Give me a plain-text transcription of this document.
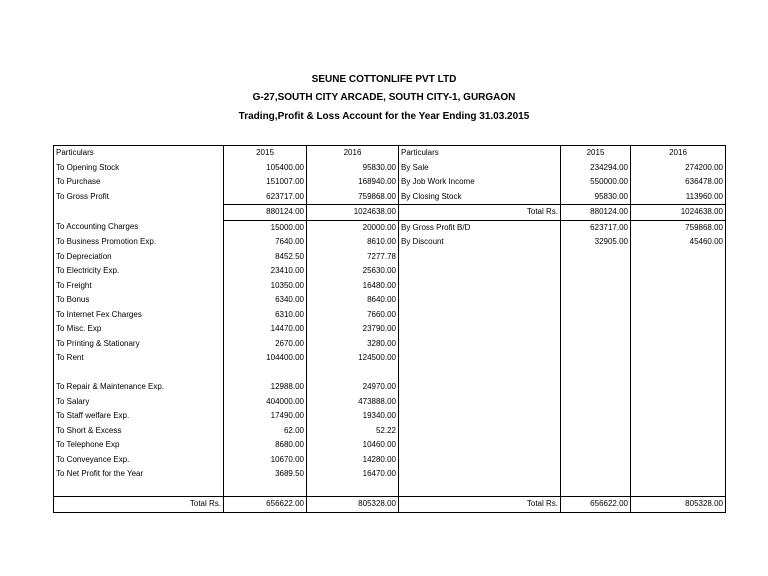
SEUNE COTTONLIFE PVT LTD
G-27,SOUTH CITY ARCADE, SOUTH CITY-1, GURGAON
Trading,Profit & Loss Account for the Year Ending 31.03.2015
Particulars	2015	2016	Particulars	2015	2016
To Opening Stock	105400.00	95830.00	By Sale	234294.00	274200.00
To Purchase	151007.00	168940.00	By Job Work Income	550000.00	636478.00
To Gross Profit	623717.00	759868.00	By Closing Stock	95830.00	113960.00
	880124.00	1024638.00	Total Rs.	880124.00	1024638.00
To Accounting Charges	15000.00	20000.00	By Gross Profit B/D	623717.00	759868.00
To Business Promotion Exp.	7640.00	8610.00	By Discount	32905.00	45460.00
To Depreciation	8452.50	7277.78			
To Electricity Exp.	23410.00	25630.00			
To Freight	10350.00	16480.00			
To Bonus	6340.00	8640.00			
To Internet Fex Charges	6310.00	7660.00			
To Misc. Exp	14470.00	23790.00			
To Printing & Stationary	2670.00	3280.00			
To Rent	104400.00	124500.00			

To Repair & Maintenance Exp.	12988.00	24970.00			
To Salary	404000.00	473888.00			
To Staff welfare Exp.	17490.00	19340.00			
To Short & Excess	62.00	52.22			
To Telephone Exp	8680.00	10460.00			
To Conveyance Exp.	10670.00	14280.00			
To Net Profit for the Year	3689.50	16470.00			

Total Rs.	656622.00	805328.00	Total Rs.	656622.00	805328.00
